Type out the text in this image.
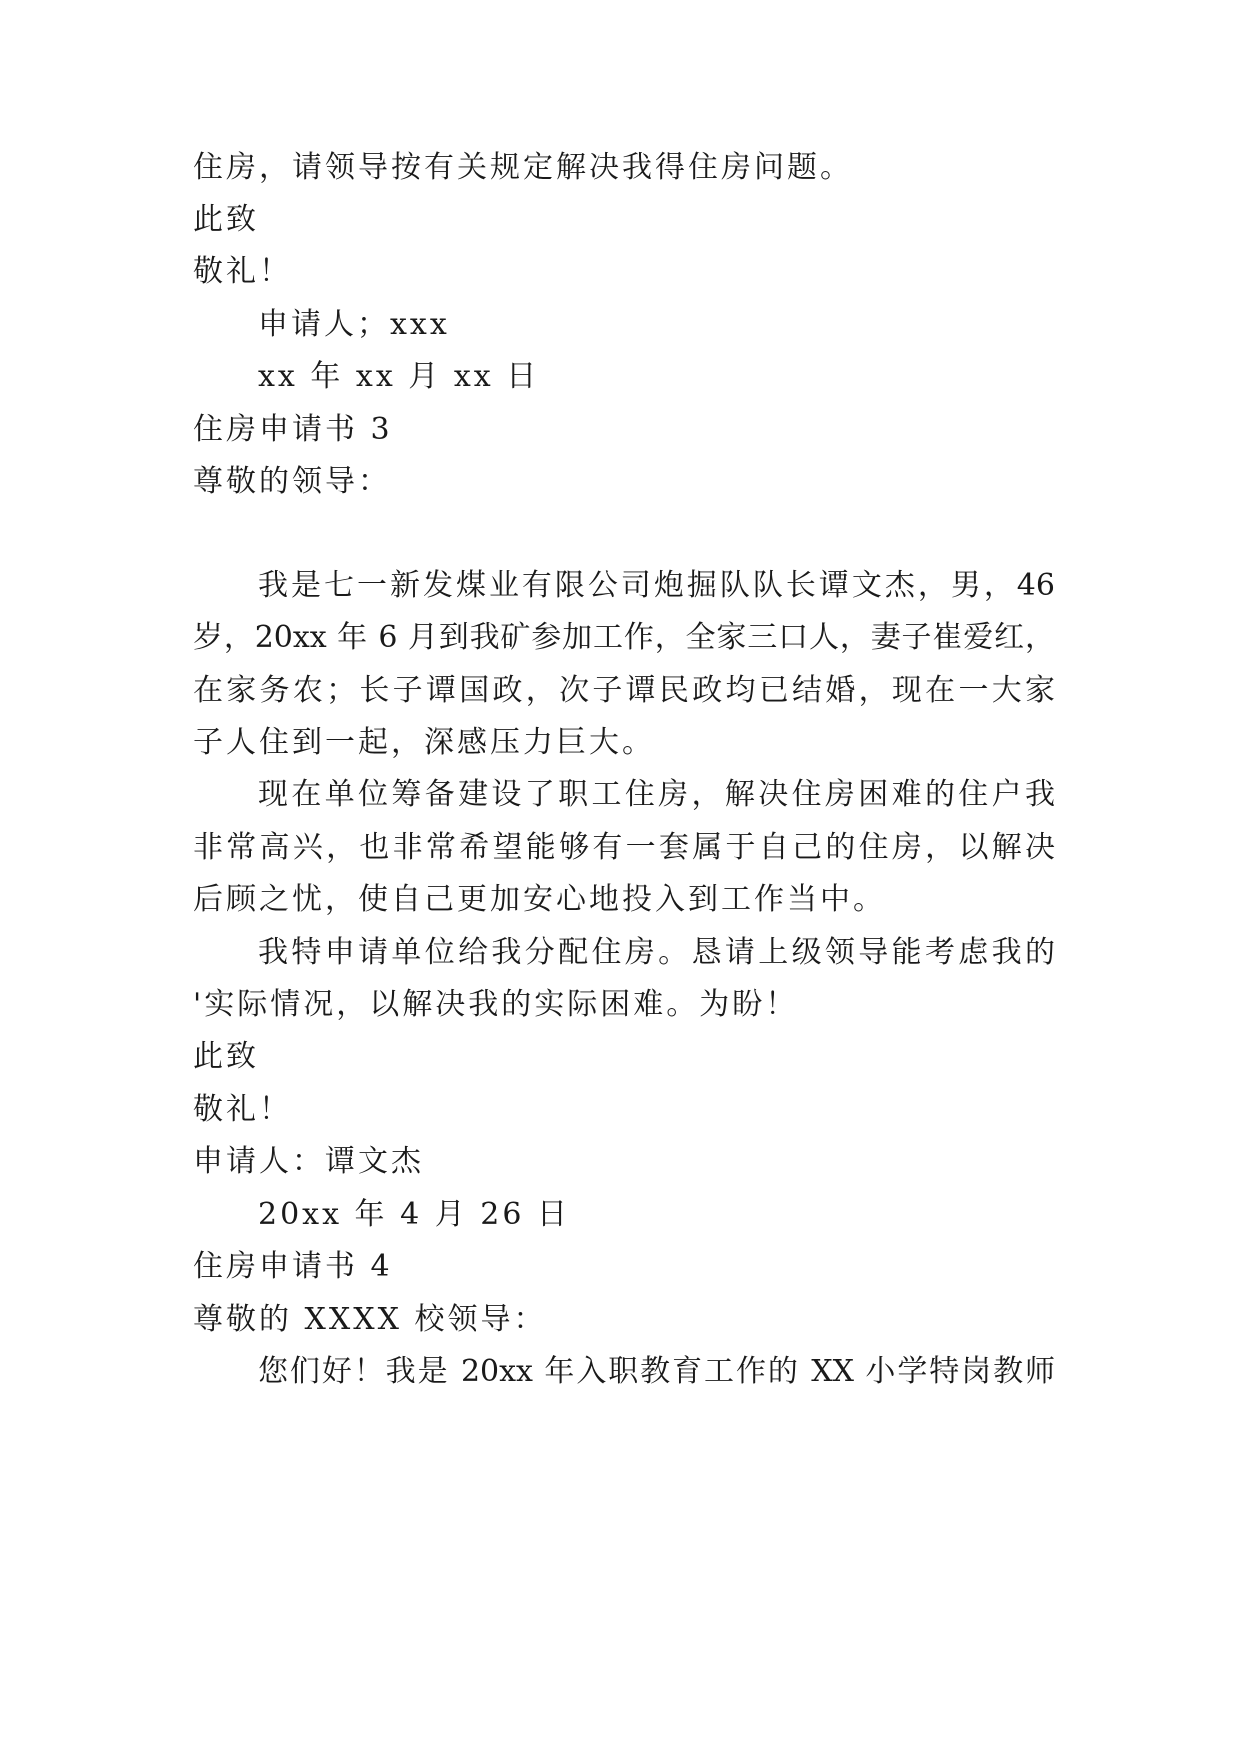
住房，请领导按有关规定解决我得住房问题。
此致
敬礼！
申请人；xxx
xx 年 xx 月 xx 日
住房申请书 3
尊敬的领导：
我是七一新发煤业有限公司炮掘队队长谭文杰，男，46
岁，20xx 年 6 月到我矿参加工作，全家三口人，妻子崔爱红，
在家务农；长子谭国政，次子谭民政均已结婚，现在一大家
子人住到一起，深感压力巨大。
现在单位筹备建设了职工住房，解决住房困难的住户我
非常高兴，也非常希望能够有一套属于自己的住房，以解决
后顾之忧，使自己更加安心地投入到工作当中。
我特申请单位给我分配住房。恳请上级领导能考虑我的
'实际情况，以解决我的实际困难。为盼！
此致
敬礼！
申请人：谭文杰
20xx 年 4 月 26 日
住房申请书 4
尊敬的 XXXX 校领导：
您们好！我是 20xx 年入职教育工作的 XX 小学特岗教师
